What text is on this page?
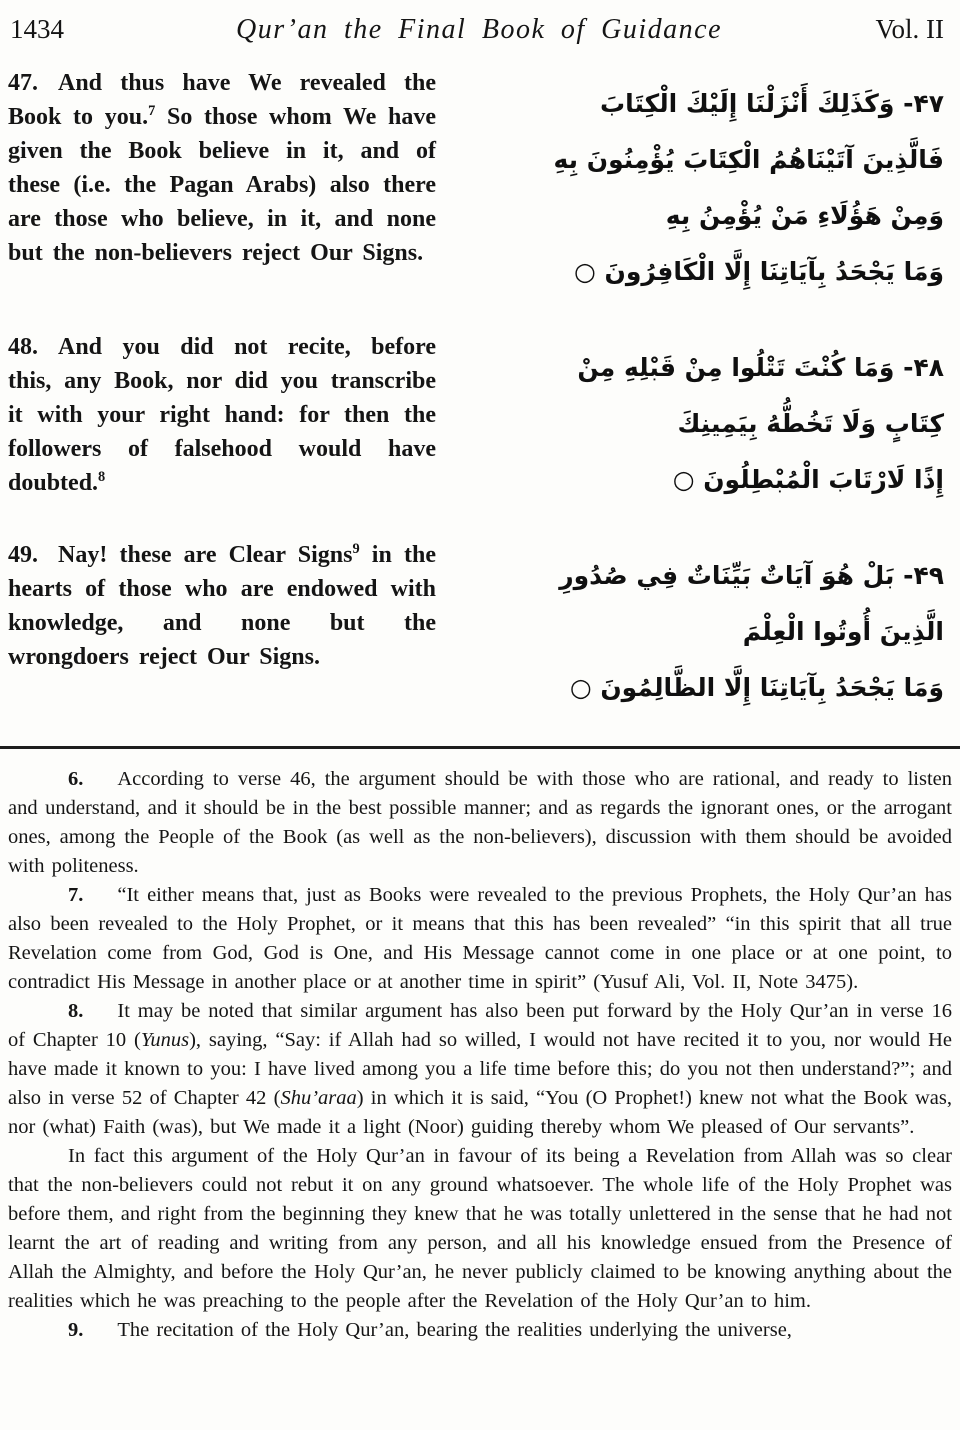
1434	Qur’an the Final Book of Guidance	Vol. II

47. And thus have We revealed the Book to you.$^7$ So those whom We have given the Book believe in it, and of these (i.e. the Pagan Arabs) also there are those who believe, in it, and none but the non-believers reject Our Signs.

۴۷- وَكَذَلِكَ أَنْزَلْنَا إِلَيْكَ الْكِتَابَ
فَالَّذِينَ آتَيْنَاهُمُ الْكِتَابَ يُؤْمِنُونَ بِهِ
وَمِنْ هَؤُلَاءِ مَنْ يُؤْمِنُ بِهِ
وَمَا يَجْحَدُ بِآيَاتِنَا إِلَّا الْكَافِرُونَ ○

48. And you did not recite, before this, any Book, nor did you transcribe it with your right hand: for then the followers of falsehood would have doubted.$^8$

۴۸- وَمَا كُنْتَ تَتْلُوا مِنْ قَبْلِهِ مِنْ
كِتَابٍ وَلَا تَخُطُّهُ بِيَمِينِكَ
إِذًا لَارْتَابَ الْمُبْطِلُونَ ○

49. Nay! these are Clear Signs$^9$ in the hearts of those who are endowed with knowledge, and none but the wrongdoers reject Our Signs.

۴۹- بَلْ هُوَ آيَاتٌ بَيِّنَاتٌ فِي صُدُورِ
الَّذِينَ أُوتُوا الْعِلْمَ
وَمَا يَجْحَدُ بِآيَاتِنَا إِلَّا الظَّالِمُونَ ○

6. According to verse 46, the argument should be with those who are rational, and ready to listen and understand, and it should be in the best possible manner; and as regards the ignorant ones, or the arrogant ones, among the People of the Book (as well as the non-believers), discussion with them should be avoided with politeness.

7. “It either means that, just as Books were revealed to the previous Prophets, the Holy Qur’an has also been revealed to the Holy Prophet, or it means that this has been revealed” “in this spirit that all true Revelation come from God, God is One, and His Message cannot come in one place or at one point, to contradict His Message in another place or at another time in spirit” (Yusuf Ali, Vol. II, Note 3475).

8. It may be noted that similar argument has also been put forward by the Holy Qur’an in verse 16 of Chapter 10 (Yunus), saying, “Say: if Allah had so willed, I would not have recited it to you, nor would He have made it known to you: I have lived among you a life time before this; do you not then understand?”; and also in verse 52 of Chapter 42 (Shu’araa) in which it is said, “You (O Prophet!) knew not what the Book was, nor (what) Faith (was), but We made it a light (Noor) guiding thereby whom We pleased of Our servants”.

In fact this argument of the Holy Qur’an in favour of its being a Revelation from Allah was so clear that the non-believers could not rebut it on any ground whatsoever. The whole life of the Holy Prophet was before them, and right from the beginning they knew that he was totally unlettered in the sense that he had not learnt the art of reading and writing from any person, and all his knowledge ensued from the Presence of Allah the Almighty, and before the Holy Qur’an, he never publicly claimed to be knowing anything about the realities which he was preaching to the people after the Revelation of the Holy Qur’an to him.

9. The recitation of the Holy Qur’an, bearing the realities underlying the universe,
